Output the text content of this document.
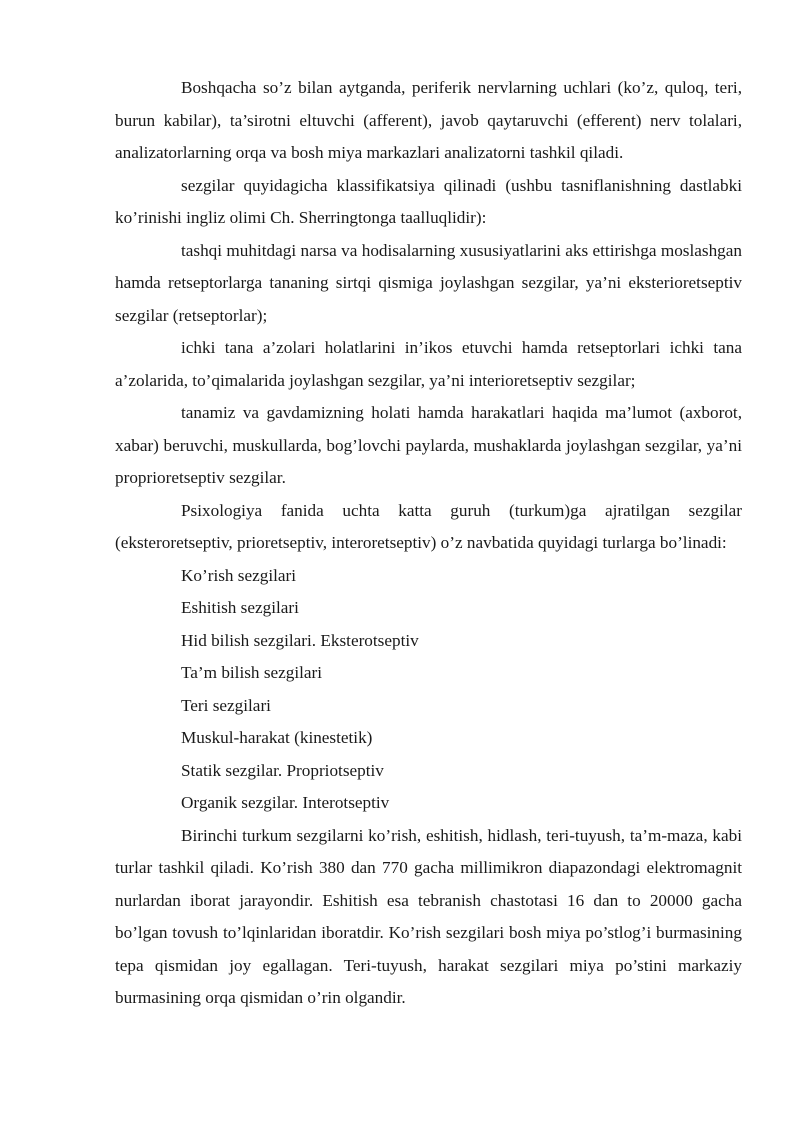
Boshqacha so’z bilan aytganda, periferik nervlarning uchlari (ko’z, quloq, teri, burun kabilar), ta’sirotni eltuvchi (afferent), javob qaytaruvchi (efferent) nerv tolalari, analizatorlarning orqa va bosh miya markazlari analizatorni tashkil qiladi.

sezgilar quyidagicha klassifikatsiya qilinadi (ushbu tasniflanishning dastlabki ko’rinishi ingliz olimi Ch. Sherringtonga taalluqlidir):

tashqi muhitdagi narsa va hodisalarning xususiyatlarini aks ettirishga moslashgan hamda retseptorlarga tananing sirtqi qismiga joylashgan sezgilar, ya’ni eksterioretseptiv sezgilar (retseptorlar);

ichki tana a’zolari holatlarini in’ikos etuvchi hamda retseptorlari ichki tana a’zolarida, to’qimalarida joylashgan sezgilar, ya’ni interioretseptiv sezgilar;

tanamiz va gavdamizning holati hamda harakatlari haqida ma’lumot (axborot, xabar) beruvchi, muskullarda, bog’lovchi paylarda, mushaklarda joylashgan sezgilar, ya’ni proprioretseptiv sezgilar.

Psixologiya fanida uchta katta guruh (turkum)ga ajratilgan sezgilar (eksteroretseptiv, prioretseptiv, interoretseptiv) o’z navbatida quyidagi turlarga bo’linadi:

Ko’rish sezgilari

Eshitish sezgilari

Hid bilish sezgilari. Eksterotseptiv

Ta’m bilish sezgilari

Teri sezgilari

Muskul-harakat (kinestetik)

Statik sezgilar. Propriotseptiv

Organik sezgilar. Interotseptiv

Birinchi turkum sezgilarni ko’rish, eshitish, hidlash, teri-tuyush, ta’m-maza, kabi turlar tashkil qiladi. Ko’rish 380 dan 770 gacha millimikron diapazondagi elektromagnit nurlardan iborat jarayondir. Eshitish esa tebranish chastotasi 16 dan to 20000 gacha bo’lgan tovush to’lqinlaridan iboratdir. Ko’rish sezgilari bosh miya po’stlog’i burmasining tepa qismidan joy egallagan. Teri-tuyush, harakat sezgilari miya po’stini markaziy burmasining orqa qismidan o’rin olgandir.
